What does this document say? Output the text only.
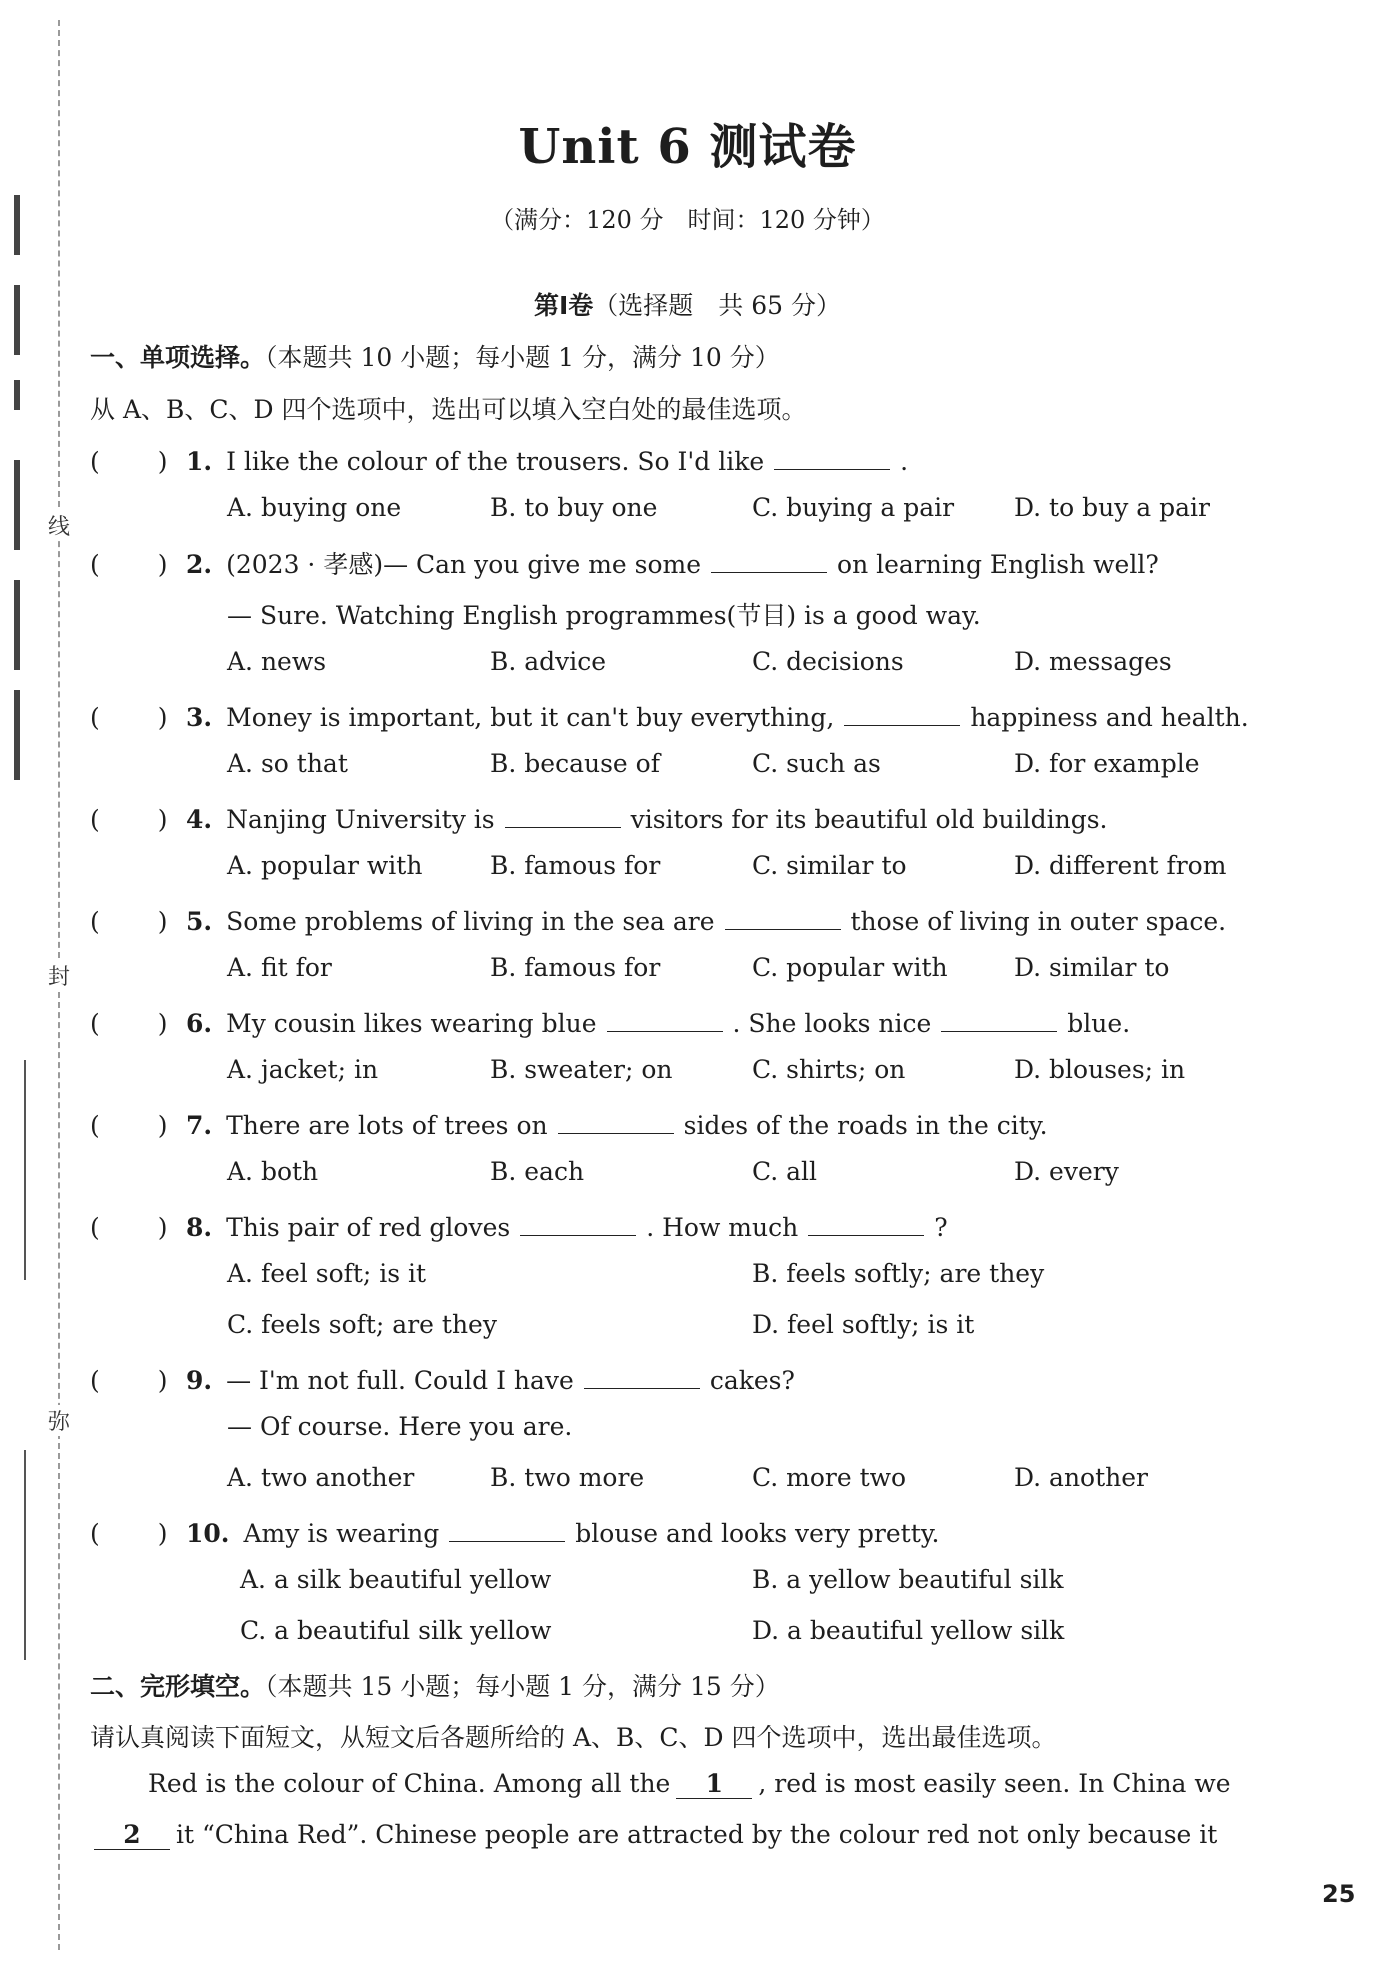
线
封
弥
Unit 6 测试卷
（满分：120 分　时间：120 分钟）
第Ⅰ卷（选择题　共 65 分）
一、单项选择。（本题共 10 小题；每小题 1 分，满分 10 分）
从 A、B、C、D 四个选项中，选出可以填入空白处的最佳选项。
(　　 ) 1. I like the colour of the trousers. So I'd like	.
A. buying one	B. to buy one	C. buying a pair D. to buy a pair
(　　 ) 2. (2023 · 孝感)— Can you give me some	on learning English well?
— Sure. Watching English programmes(节目) is a good way.
A. news	B. advice	C. decisions	D. messages
(　　 ) 3. Money is important, but it can't buy everything,	happiness and health.
A. so that	B. because of	C. such as	D. for example
(　　 ) 4. Nanjing University is	visitors for its beautiful old buildings.
A. popular with	B. famous for	C. similar to	D. different from
(　　 ) 5. Some problems of living in the sea are	those of living in outer space.
A. fit for	B. famous for	C. popular with	D. similar to
(　　 ) 6. My cousin likes wearing blue	. She looks nice	blue.
A. jacket; in	B. sweater; on	C. shirts; on	D. blouses; in
(　　 ) 7. There are lots of trees on	sides of the roads in the city.
A. both	B. each	C. all	D. every
(　　 ) 8. This pair of red gloves	. How much	?
A. feel soft; is it	B. feels softly; are they
C. feels soft; are they	D. feel softly; is it
(　　 ) 9. — I'm not full. Could I have	cakes?
— Of course. Here you are.
A. two another	B. two more	C. more two	D. another
(　　 ) 10. Amy is wearing	blouse and looks very pretty.
A. a silk beautiful yellow	B. a yellow beautiful silk
C. a beautiful silk yellow	D. a beautiful yellow silk
二、完形填空。（本题共 15 小题；每小题 1 分，满分 15 分）
请认真阅读下面短文，从短文后各题所给的 A、B、C、D 四个选项中，选出最佳选项。
Red is the colour of China. Among all the 1 , red is most easily seen. In China we
2 it “China Red”. Chinese people are attracted by the colour red not only because it
25
